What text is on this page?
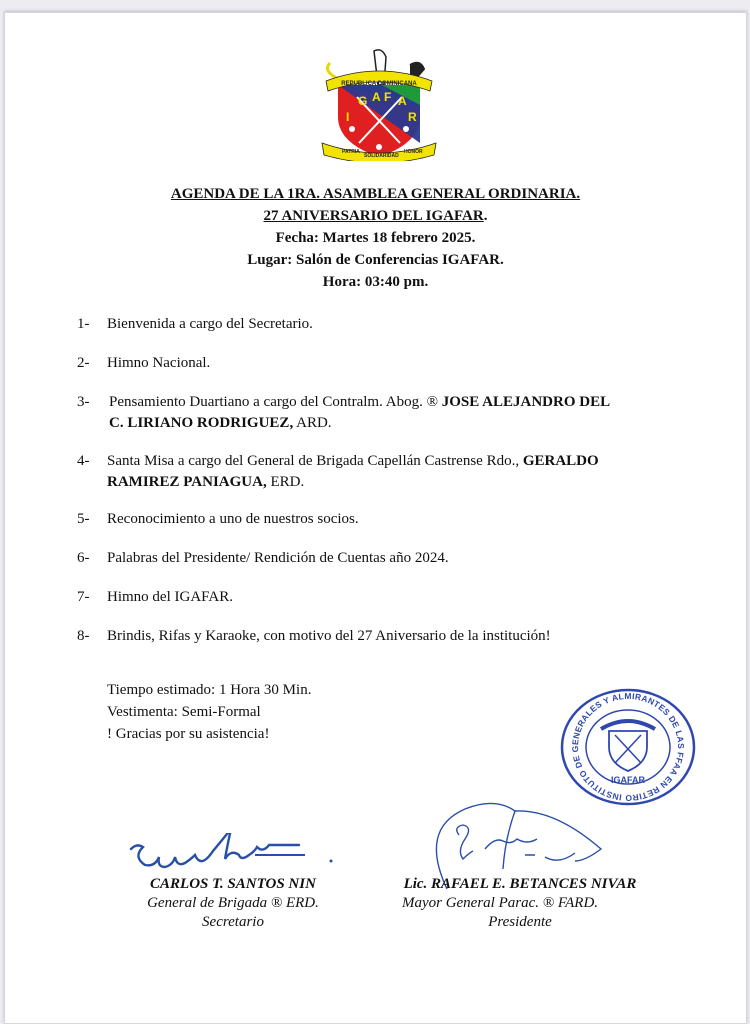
REPUBLICA DOMINICANA
I
G A F A
R
PATRIA
SOLIDARIDAD
HONOR
AGENDA DE LA 1RA. ASAMBLEA GENERAL ORDINARIA.
27 ANIVERSARIO DEL IGAFAR.
Fecha: Martes 18 febrero 2025.
Lugar: Salón de Conferencias IGAFAR.
Hora: 03:40 pm.
1- Bienvenida a cargo del Secretario.
2- Himno Nacional.
3- Pensamiento Duartiano a cargo del Contralm. Abog. ® JOSE ALEJANDRO DEL
C. LIRIANO RODRIGUEZ, ARD.
4- Santa Misa a cargo del General de Brigada Capellán Castrense Rdo., GERALDO
RAMIREZ PANIAGUA, ERD.
5- Reconocimiento a uno de nuestros socios.
6- Palabras del Presidente/ Rendición de Cuentas año 2024.
7- Himno del IGAFAR.
8- Brindis, Rifas y Karaoke, con motivo del 27 Aniversario de la institución!
Tiempo estimado: 1 Hora 30 Min.
Vestimenta: Semi-Formal
! Gracias por su asistencia!
INSTITUTO DE GENERALES Y ALMIRANTES DE LAS FFAA EN RETIRO
IGAFAR
CARLOS T. SANTOS NIN
General de Brigada ® ERD.
Secretario
Lic. RAFAEL E. BETANCES NIVAR
Mayor General Parac. ® FARD.
Presidente
